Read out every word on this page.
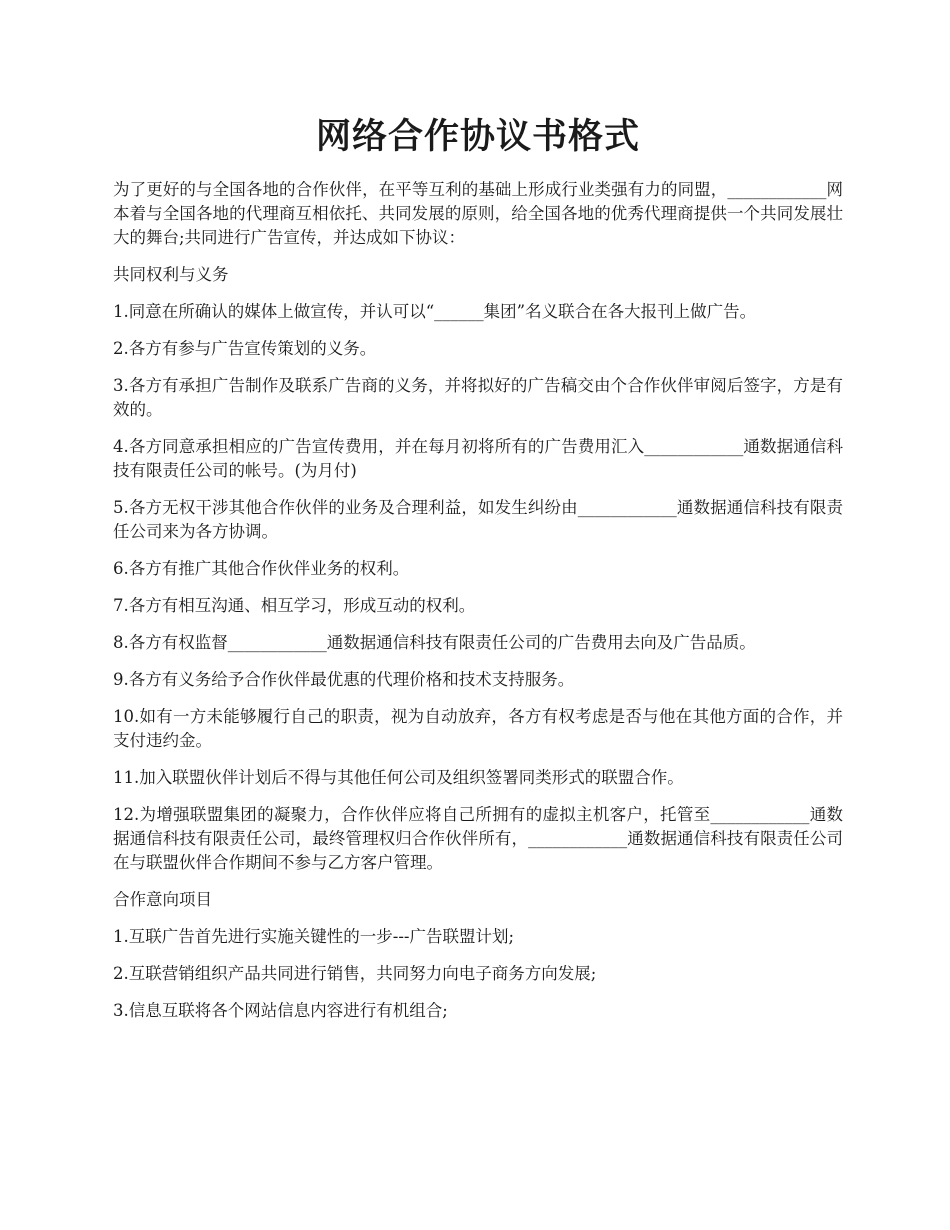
网络合作协议书格式

为了更好的与全国各地的合作伙伴，在平等互利的基础上形成行业类强有力的同盟，____________网本着与全国各地的代理商互相依托、共同发展的原则，给全国各地的优秀代理商提供一个共同发展壮大的舞台;共同进行广告宣传，并达成如下协议：

共同权利与义务

1.同意在所确认的媒体上做宣传，并认可以“______集团”名义联合在各大报刊上做广告。

2.各方有参与广告宣传策划的义务。

3.各方有承担广告制作及联系广告商的义务，并将拟好的广告稿交由个合作伙伴审阅后签字，方是有效的。

4.各方同意承担相应的广告宣传费用，并在每月初将所有的广告费用汇入____________通数据通信科技有限责任公司的帐号。(为月付)

5.各方无权干涉其他合作伙伴的业务及合理利益，如发生纠纷由____________通数据通信科技有限责任公司来为各方协调。

6.各方有推广其他合作伙伴业务的权利。

7.各方有相互沟通、相互学习，形成互动的权利。

8.各方有权监督____________通数据通信科技有限责任公司的广告费用去向及广告品质。

9.各方有义务给予合作伙伴最优惠的代理价格和技术支持服务。

10.如有一方未能够履行自己的职责，视为自动放弃，各方有权考虑是否与他在其他方面的合作，并支付违约金。

11.加入联盟伙伴计划后不得与其他任何公司及组织签署同类形式的联盟合作。

12.为增强联盟集团的凝聚力，合作伙伴应将自己所拥有的虚拟主机客户，托管至____________通数据通信科技有限责任公司，最终管理权归合作伙伴所有，____________通数据通信科技有限责任公司在与联盟伙伴合作期间不参与乙方客户管理。

合作意向项目

1.互联广告首先进行实施关键性的一步---广告联盟计划;

2.互联营销组织产品共同进行销售，共同努力向电子商务方向发展;

3.信息互联将各个网站信息内容进行有机组合;
